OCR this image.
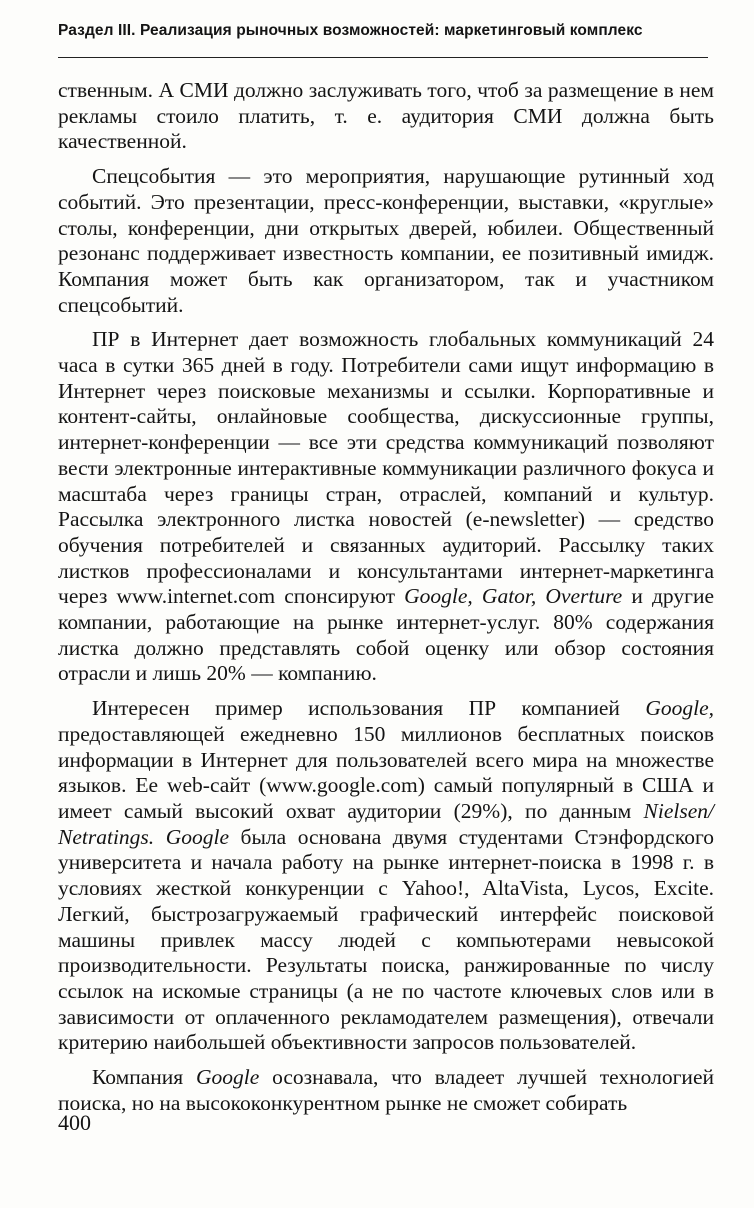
Раздел III. Реализация рыночных возможностей: маркетинговый комплекс

ственным. А СМИ должно заслуживать того, чтоб за размещение в нем рекламы стоило платить, т. е. аудитория СМИ должна быть качественной.

Спецсобытия — это мероприятия, нарушающие рутинный ход событий. Это презентации, пресс-конференции, выставки, «круглые» столы, конференции, дни открытых дверей, юбилеи. Общественный резонанс поддерживает известность компании, ее позитивный имидж. Компания может быть как организатором, так и участником спецсобытий.

ПР в Интернет дает возможность глобальных коммуникаций 24 часа в сутки 365 дней в году. Потребители сами ищут информацию в Интернет через поисковые механизмы и ссылки. Корпоративные и контент-сайты, онлайновые сообщества, дискуссионные группы, интернет-конференции — все эти средства коммуникаций позволяют вести электронные интерактивные коммуникации различного фокуса и масштаба через границы стран, отраслей, компаний и культур. Рассылка электронного листка новостей (e-newsletter) — средство обучения потребителей и связанных аудиторий. Рассылку таких листков профессионалами и консультантами интернет-маркетинга через www.internet.com спонсируют Google, Gator, Overture и другие компании, работающие на рынке интернет-услуг. 80% содержания листка должно представлять собой оценку или обзор состояния отрасли и лишь 20% — компанию.

Интересен пример использования ПР компанией Google, предоставляющей ежедневно 150 миллионов бесплатных поисков информации в Интернет для пользователей всего мира на множестве языков. Ее web-сайт (www.google.com) самый популярный в США и имеет самый высокий охват аудитории (29%), по данным Nielsen/ Netratings. Google была основана двумя студентами Стэнфордского университета и начала работу на рынке интернет-поиска в 1998 г. в условиях жесткой конкуренции с Yahoo!, AltaVista, Lycos, Excite. Легкий, быстрозагружаемый графический интерфейс поисковой машины привлек массу людей с компьютерами невысокой производительности. Результаты поиска, ранжированные по числу ссылок на искомые страницы (а не по частоте ключевых слов или в зависимости от оплаченного рекламодателем размещения), отвечали критерию наибольшей объективности запросов пользователей.

Компания Google осознавала, что владеет лучшей технологией поиска, но на высококонкурентном рынке не сможет собирать

400
